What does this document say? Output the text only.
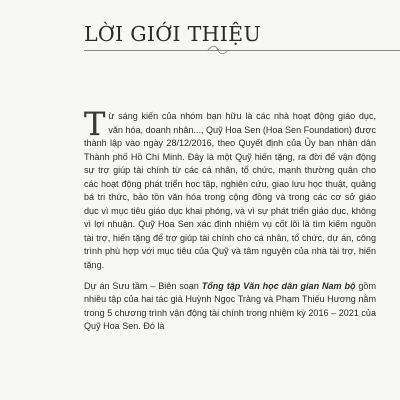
LỜI GIỚI THIỆU

T ừ sáng kiến của nhóm bạn hữu là các nhà hoạt động giáo dục, văn hóa, doanh nhân..., Quỹ Hoa Sen (Hoa Sen Foundation) được thành lập vào ngày 28/12/2016, theo Quyết định của Ủy ban nhân dân Thành phố Hồ Chí Minh. Đây là một Quỹ hiến tặng, ra đời để vận động sự trợ giúp tài chính từ các cá nhân, tổ chức, mạnh thường quân cho các hoạt động phát triển học tập, nghiên cứu, giao lưu học thuật, quảng bá tri thức, bảo tồn văn hóa trong cộng đồng và trong các cơ sở giáo dục vì mục tiêu giáo dục khai phóng, và vì sự phát triển giáo dục, không vì lợi nhuận. Quỹ Hoa Sen xác định nhiệm vụ cốt lõi là tìm kiếm nguồn tài trợ, hiến tặng để trợ giúp tài chính cho cá nhân, tổ chức, dự án, công trình phù hợp với mục tiêu của Quỹ và tâm nguyện của nhà tài trợ, hiến tặng.

Dự án Sưu tầm – Biên soạn Tổng tập Văn học dân gian Nam bộ gồm nhiều tập của hai tác giả Huỳnh Ngọc Trảng và Phạm Thiếu Hương nằm trong 5 chương trình vận động tài chính trong nhiệm kỳ 2016 – 2021 của Quỹ Hoa Sen. Đó là
